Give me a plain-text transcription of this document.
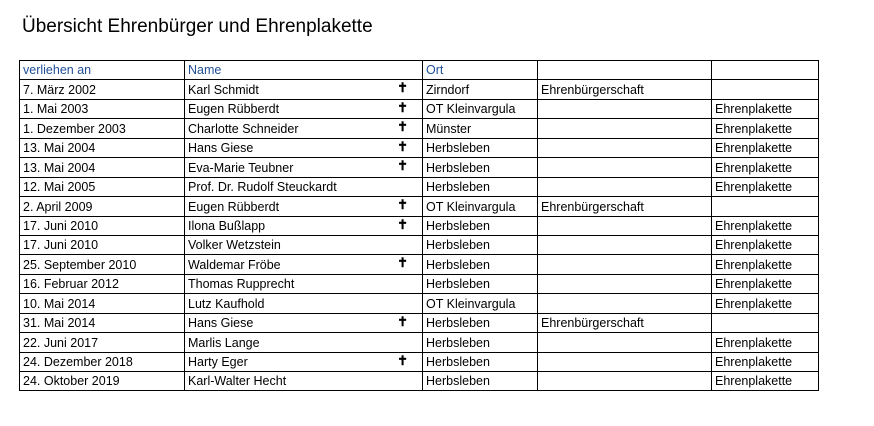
Übersicht Ehrenbürger und Ehrenplakette
verliehen an	Name	Ort		
7. März 2002	Karl Schmidt ✝	Zirndorf	Ehrenbürgerschaft	
1. Mai 2003	Eugen Rübberdt ✝	OT Kleinvargula		Ehrenplakette
1. Dezember 2003	Charlotte Schneider ✝	Münster		Ehrenplakette
13. Mai 2004	Hans Giese ✝	Herbsleben		Ehrenplakette
13. Mai 2004	Eva-Marie Teubner ✝	Herbsleben		Ehrenplakette
12. Mai 2005	Prof. Dr. Rudolf Steuckardt	Herbsleben		Ehrenplakette
2. April 2009	Eugen Rübberdt ✝	OT Kleinvargula	Ehrenbürgerschaft	
17. Juni 2010	Ilona Bußlapp ✝	Herbsleben		Ehrenplakette
17. Juni 2010	Volker Wetzstein	Herbsleben		Ehrenplakette
25. September 2010	Waldemar Fröbe ✝	Herbsleben		Ehrenplakette
16. Februar 2012	Thomas Rupprecht	Herbsleben		Ehrenplakette
10. Mai 2014	Lutz Kaufhold	OT Kleinvargula		Ehrenplakette
31. Mai 2014	Hans Giese ✝	Herbsleben	Ehrenbürgerschaft	
22. Juni 2017	Marlis Lange	Herbsleben		Ehrenplakette
24. Dezember 2018	Harty Eger ✝	Herbsleben		Ehrenplakette
24. Oktober 2019	Karl-Walter Hecht	Herbsleben		Ehrenplakette
